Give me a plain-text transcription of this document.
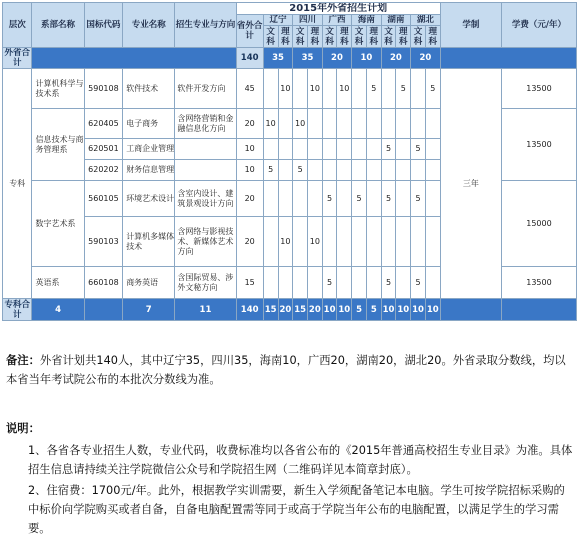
层次	系部名称	国标代码	专业名称	招生专业与方向	2015年外省招生计划													学制	学费（元/年）
					省外合计	辽宁		四川		广西		海南		湖南		湖北			
						文科	理科	文科	理科	文科	理科	文科	理科	文科	理科	文科	理科		
外省合计					140	35		35		20		10		20		20			
专科	计算机科学与技术系	590108	软件技术	软件开发方向	45		10		10		10		5		5		5	三年	13500
	信息技术与商务管理系	620405	电子商务	含网络营销和金融信息化方向	20	10		10											13500
		620501	工商企业管理		10									5		5			
		620202	财务信息管理		10	5		5											
	数字艺术系	560105	环境艺术设计	含室内设计、建筑景观设计方向	20					5		5		5		5			15000
		590103	计算机多媒体技术	含网络与影视技术、新媒体艺术方向	20		10		10										
	英语系	660108	商务英语	含国际贸易、涉外文秘方向	15					5				5		5			13500
专科合计	4		7	11	140	15	20	15	20	10	10	5	5	10	10	10	10		
备注：外省计划共140人，其中辽宁35，四川35，海南10，广西20，湖南20，湖北20。外省录取分数线，均以本省当年考试院公布的本批次分数线为准。
说明：
1、各省各专业招生人数，专业代码，收费标准均以各省公布的《2015年普通高校招生专业目录》为准。具体招生信息请持续关注学院微信公众号和学院招生网（二维码详见本简章封底）。
2、住宿费：1700元/年。此外，根据教学实训需要，新生入学须配备笔记本电脑。学生可按学院招标采购的中标价向学院购买或者自备，自备电脑配置需等同于或高于学院当年公布的电脑配置，以满足学生的学习需要。
